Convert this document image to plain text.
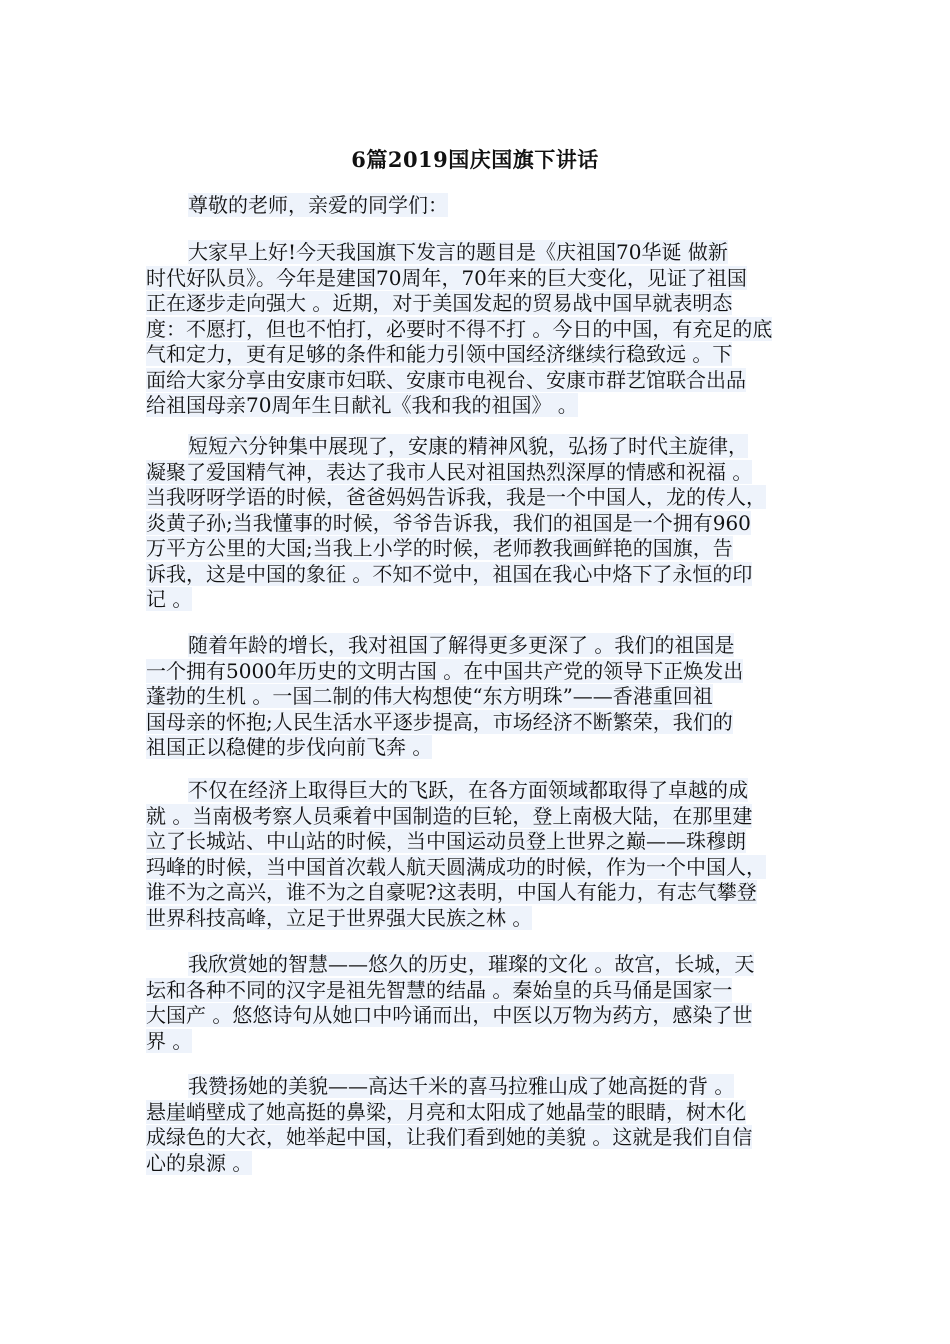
6篇2019国庆国旗下讲话
尊敬的老师，亲爱的同学们：
大家早上好!今天我国旗下发言的题目是《庆祖国70华诞 做新
时代好队员》。今年是建国70周年，70年来的巨大变化，见证了祖国
正在逐步走向强大 。近期，对于美国发起的贸易战中国早就表明态
度：不愿打，但也不怕打，必要时不得不打 。今日的中国，有充足的底
气和定力，更有足够的条件和能力引领中国经济继续行稳致远 。下
面给大家分享由安康市妇联、安康市电视台、安康市群艺馆联合出品
给祖国母亲70周年生日献礼《我和我的祖国》 。
短短六分钟集中展现了，安康的精神风貌，弘扬了时代主旋律，
凝聚了爱国精气神，表达了我市人民对祖国热烈深厚的情感和祝福 。
当我呀呀学语的时候，爸爸妈妈告诉我，我是一个中国人，龙的传人，
炎黄子孙;当我懂事的时候，爷爷告诉我，我们的祖国是一个拥有960
万平方公里的大国;当我上小学的时候，老师教我画鲜艳的国旗，告
诉我，这是中国的象征 。不知不觉中，祖国在我心中烙下了永恒的印
记 。
随着年龄的增长，我对祖国了解得更多更深了 。我们的祖国是
一个拥有5000年历史的文明古国 。在中国共产党的领导下正焕发出
蓬勃的生机 。一国二制的伟大构想使“东方明珠”——香港重回祖
国母亲的怀抱;人民生活水平逐步提高，市场经济不断繁荣，我们的
祖国正以稳健的步伐向前飞奔 。
不仅在经济上取得巨大的飞跃，在各方面领域都取得了卓越的成
就 。当南极考察人员乘着中国制造的巨轮，登上南极大陆，在那里建
立了长城站、中山站的时候，当中国运动员登上世界之巅——珠穆朗
玛峰的时候，当中国首次载人航天圆满成功的时候，作为一个中国人，
谁不为之高兴，谁不为之自豪呢?这表明，中国人有能力，有志气攀登
世界科技高峰，立足于世界强大民族之林 。
我欣赏她的智慧——悠久的历史，璀璨的文化 。故宫，长城，天
坛和各种不同的汉字是祖先智慧的结晶 。秦始皇的兵马俑是国家一
大国产 。悠悠诗句从她口中吟诵而出，中医以万物为药方，感染了世
界 。
我赞扬她的美貌——高达千米的喜马拉雅山成了她高挺的背 。
悬崖峭壁成了她高挺的鼻梁，月亮和太阳成了她晶莹的眼睛，树木化
成绿色的大衣，她举起中国，让我们看到她的美貌 。这就是我们自信
心的泉源 。
